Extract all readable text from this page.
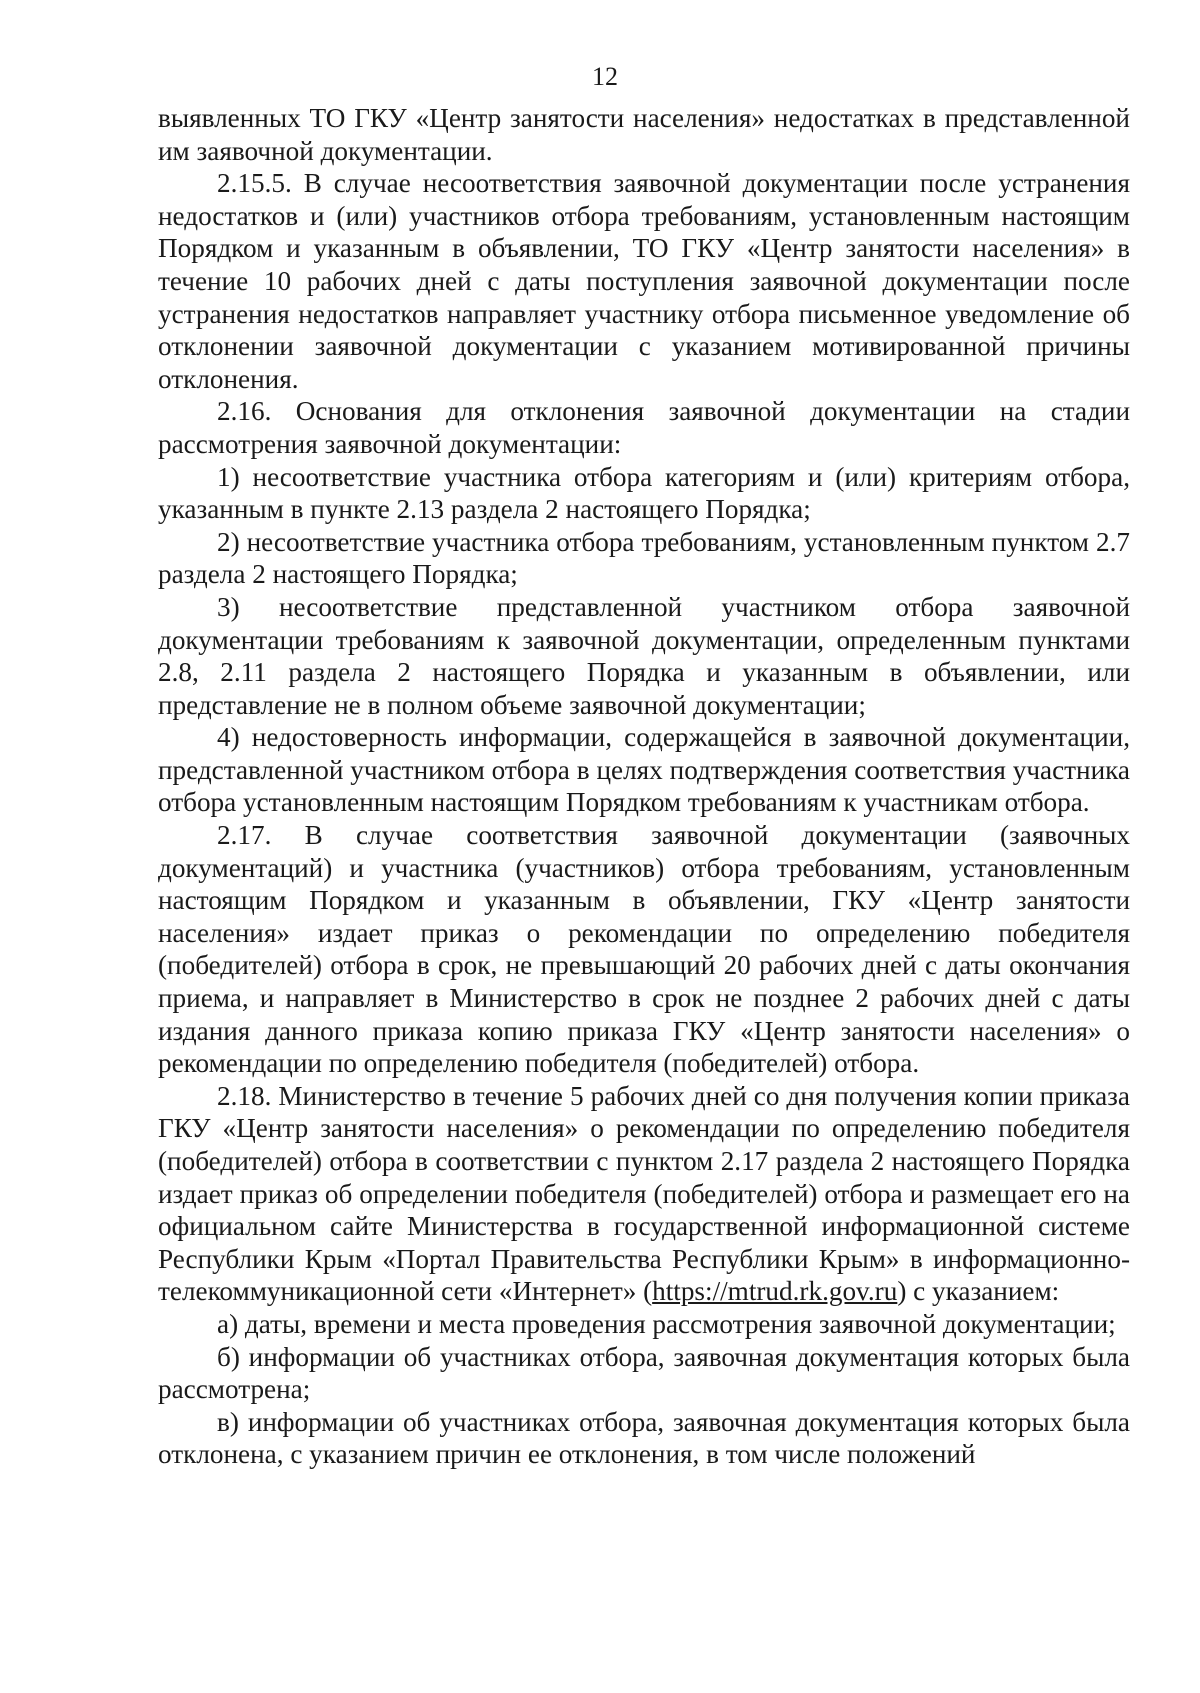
12

выявленных ТО ГКУ «Центр занятости населения» недостатках в представленной им заявочной документации.

2.15.5. В случае несоответствия заявочной документации после устранения недостатков и (или) участников отбора требованиям, установленным настоящим Порядком и указанным в объявлении, ТО ГКУ «Центр занятости населения» в течение 10 рабочих дней с даты поступления заявочной документации после устранения недостатков направляет участнику отбора письменное уведомление об отклонении заявочной документации с указанием мотивированной причины отклонения.

2.16. Основания для отклонения заявочной документации на стадии рассмотрения заявочной документации:

1) несоответствие участника отбора категориям и (или) критериям отбора, указанным в пункте 2.13 раздела 2 настоящего Порядка;

2) несоответствие участника отбора требованиям, установленным пунктом 2.7 раздела 2 настоящего Порядка;

3) несоответствие представленной участником отбора заявочной документации требованиям к заявочной документации, определенным пунктами 2.8, 2.11 раздела 2 настоящего Порядка и указанным в объявлении, или представление не в полном объеме заявочной документации;

4) недостоверность информации, содержащейся в заявочной документации, представленной участником отбора в целях подтверждения соответствия участника отбора установленным настоящим Порядком требованиям к участникам отбора.

2.17. В случае соответствия заявочной документации (заявочных документаций) и участника (участников) отбора требованиям, установленным настоящим Порядком и указанным в объявлении, ГКУ «Центр занятости населения» издает приказ о рекомендации по определению победителя (победителей) отбора в срок, не превышающий 20 рабочих дней с даты окончания приема, и направляет в Министерство в срок не позднее 2 рабочих дней с даты издания данного приказа копию приказа ГКУ «Центр занятости населения» о рекомендации по определению победителя (победителей) отбора.

2.18. Министерство в течение 5 рабочих дней со дня получения копии приказа ГКУ «Центр занятости населения» о рекомендации по определению победителя (победителей) отбора в соответствии с пунктом 2.17 раздела 2 настоящего Порядка издает приказ об определении победителя (победителей) отбора и размещает его на официальном сайте Министерства в государственной информационной системе Республики Крым «Портал Правительства Республики Крым» в информационно-телекоммуникационной сети «Интернет» (https://mtrud.rk.gov.ru) с указанием:

а) даты, времени и места проведения рассмотрения заявочной документации;

б) информации об участниках отбора, заявочная документация которых была рассмотрена;

в) информации об участниках отбора, заявочная документация которых была отклонена, с указанием причин ее отклонения, в том числе положений
